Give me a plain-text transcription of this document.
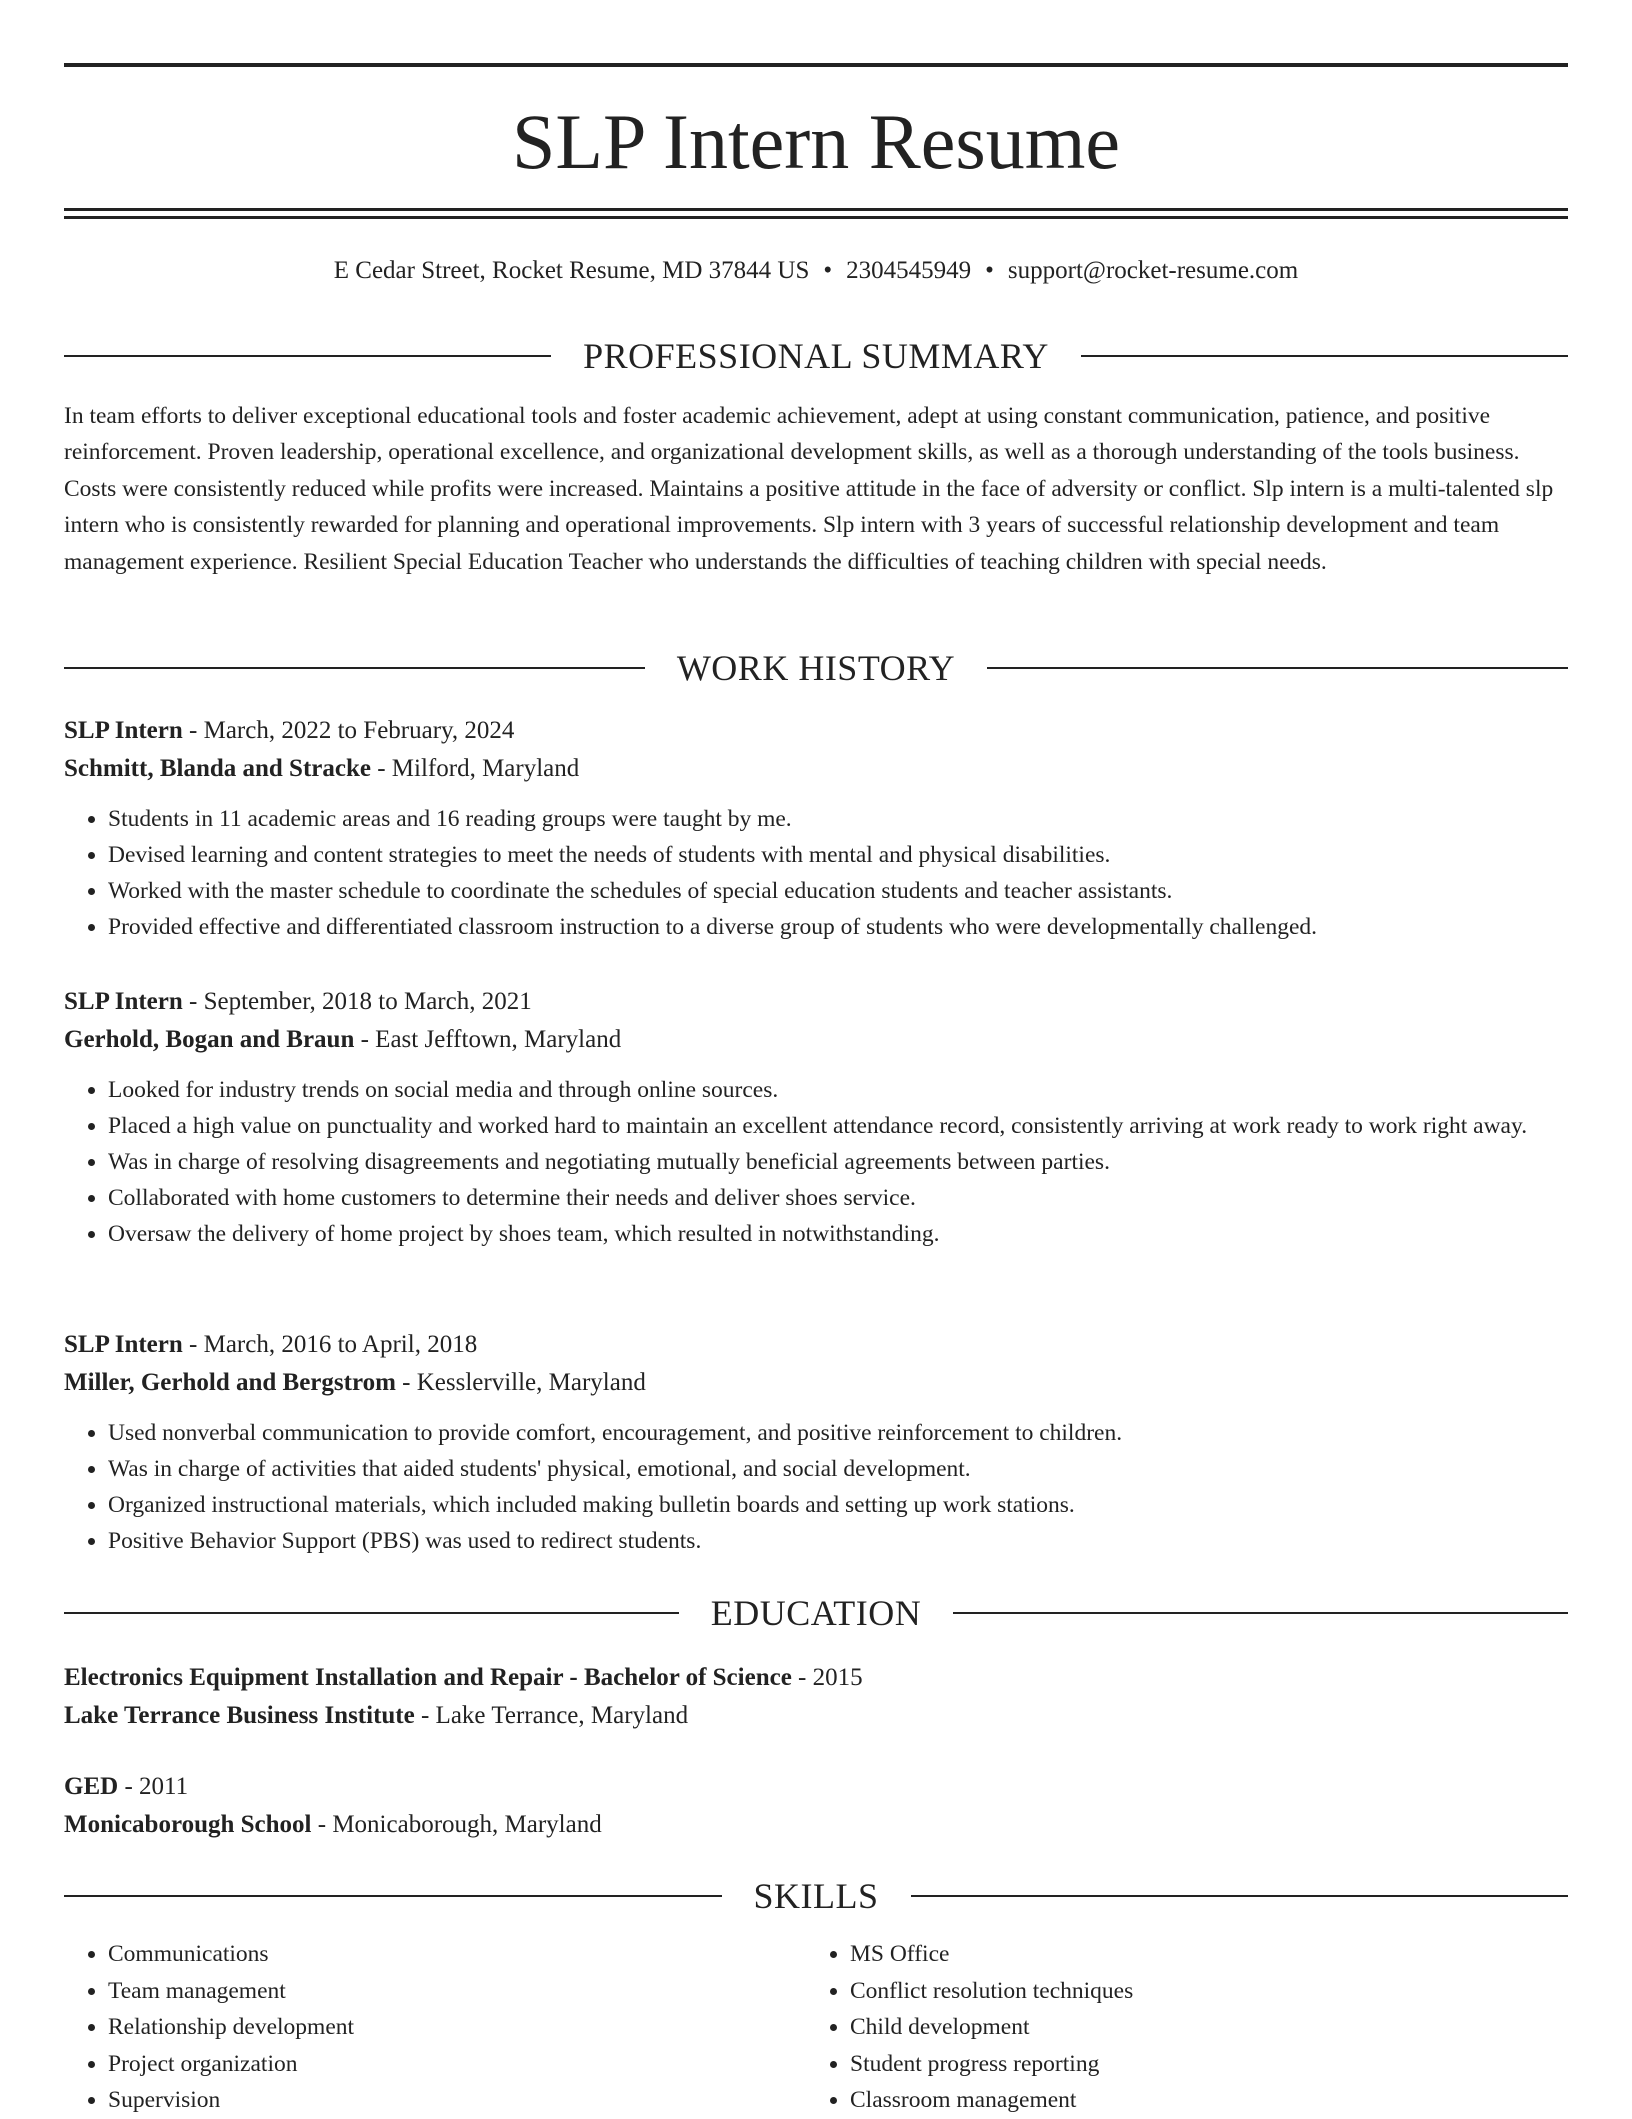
SLP Intern Resume
E Cedar Street, Rocket Resume, MD 37844 US • 2304545949 • support@rocket-resume.com
PROFESSIONAL SUMMARY
In team efforts to deliver exceptional educational tools and foster academic achievement, adept at using constant communication, patience, and positive reinforcement. Proven leadership, operational excellence, and organizational development skills, as well as a thorough understanding of the tools business. Costs were consistently reduced while profits were increased. Maintains a positive attitude in the face of adversity or conflict. Slp intern is a multi-talented slp intern who is consistently rewarded for planning and operational improvements. Slp intern with 3 years of successful relationship development and team management experience. Resilient Special Education Teacher who understands the difficulties of teaching children with special needs.
WORK HISTORY
SLP Intern - March, 2022 to February, 2024
Schmitt, Blanda and Stracke - Milford, Maryland
• Students in 11 academic areas and 16 reading groups were taught by me.
• Devised learning and content strategies to meet the needs of students with mental and physical disabilities.
• Worked with the master schedule to coordinate the schedules of special education students and teacher assistants.
• Provided effective and differentiated classroom instruction to a diverse group of students who were developmentally challenged.
SLP Intern - September, 2018 to March, 2021
Gerhold, Bogan and Braun - East Jefftown, Maryland
• Looked for industry trends on social media and through online sources.
• Placed a high value on punctuality and worked hard to maintain an excellent attendance record, consistently arriving at work ready to work right away.
• Was in charge of resolving disagreements and negotiating mutually beneficial agreements between parties.
• Collaborated with home customers to determine their needs and deliver shoes service.
• Oversaw the delivery of home project by shoes team, which resulted in notwithstanding.
SLP Intern - March, 2016 to April, 2018
Miller, Gerhold and Bergstrom - Kesslerville, Maryland
• Used nonverbal communication to provide comfort, encouragement, and positive reinforcement to children.
• Was in charge of activities that aided students' physical, emotional, and social development.
• Organized instructional materials, which included making bulletin boards and setting up work stations.
• Positive Behavior Support (PBS) was used to redirect students.
EDUCATION
Electronics Equipment Installation and Repair - Bachelor of Science - 2015
Lake Terrance Business Institute - Lake Terrance, Maryland
GED - 2011
Monicaborough School - Monicaborough, Maryland
SKILLS
• Communications
• Team management
• Relationship development
• Project organization
• Supervision
• MS Office
• Conflict resolution techniques
• Child development
• Student progress reporting
• Classroom management
